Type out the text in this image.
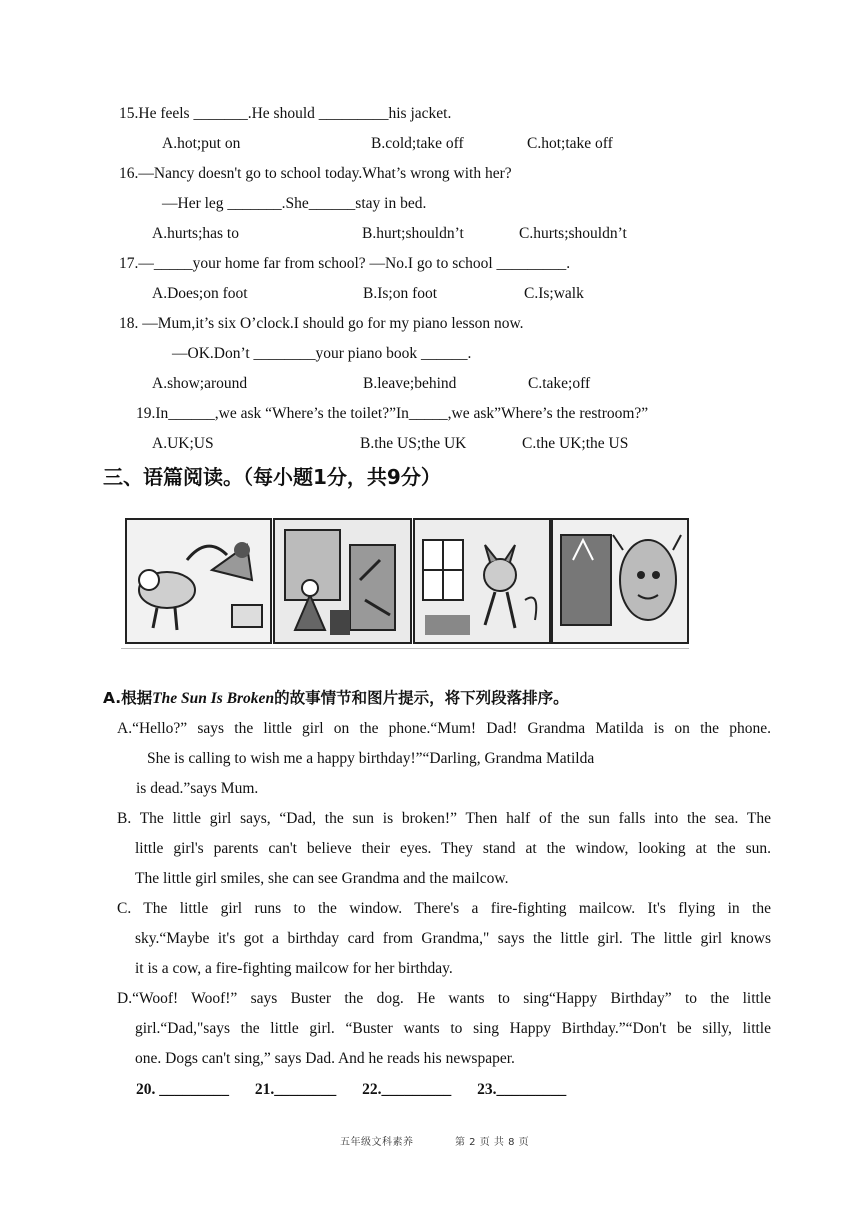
15.He feels _______.He should _________his jacket.
A.hot;put on	B.cold;take off	C.hot;take off
16.—Nancy doesn't go to school today.What’s wrong with her?
—Her leg _______.She______stay in bed.
A.hurts;has to	B.hurt;shouldn’t	C.hurts;shouldn’t
17.—_____your home far from school? —No.I go to school _________.
A.Does;on foot	B.Is;on foot	C.Is;walk
18. —Mum,it’s six O’clock.I should go for my piano lesson now.
—OK.Don’t ________your piano book ______.
A.show;around	B.leave;behind	C.take;off
19.In______,we ask “Where’s the toilet?”In_____,we ask”Where’s the restroom?”
A.UK;US	B.the US;the UK	C.the UK;the US
三、语篇阅读。（每小题1分，共9分）
A.根据The Sun Is Broken的故事情节和图片提示，将下列段落排序。
A.“Hello?” says the little girl on the phone.“Mum! Dad! Grandma Matilda is on the phone.
She is calling to wish me a happy birthday!”“Darling, Grandma Matilda
is dead.”says Mum.
B. The little girl says, “Dad, the sun is broken!” Then half of the sun falls into the sea. The
little girl's parents can't believe their eyes. They stand at the window, looking at the sun.
The little girl smiles, she can see Grandma and the mailcow.
C. The little girl runs to the window. There's a fire-fighting mailcow. It's flying in the
sky.“Maybe it's got a birthday card from Grandma," says the little girl. The little girl knows
it is a cow, a fire-fighting mailcow for her birthday.
D.“Woof! Woof!” says Buster the dog. He wants to sing“Happy Birthday” to the little
girl.“Dad,"says the little girl. “Buster wants to sing Happy Birthday.”“Don't be silly, little
one. Dogs can't sing,” says Dad. And he reads his newspaper.
20. _________ 21.________ 22._________ 23._________
五年级文科素养	第 2 页 共 8 页
